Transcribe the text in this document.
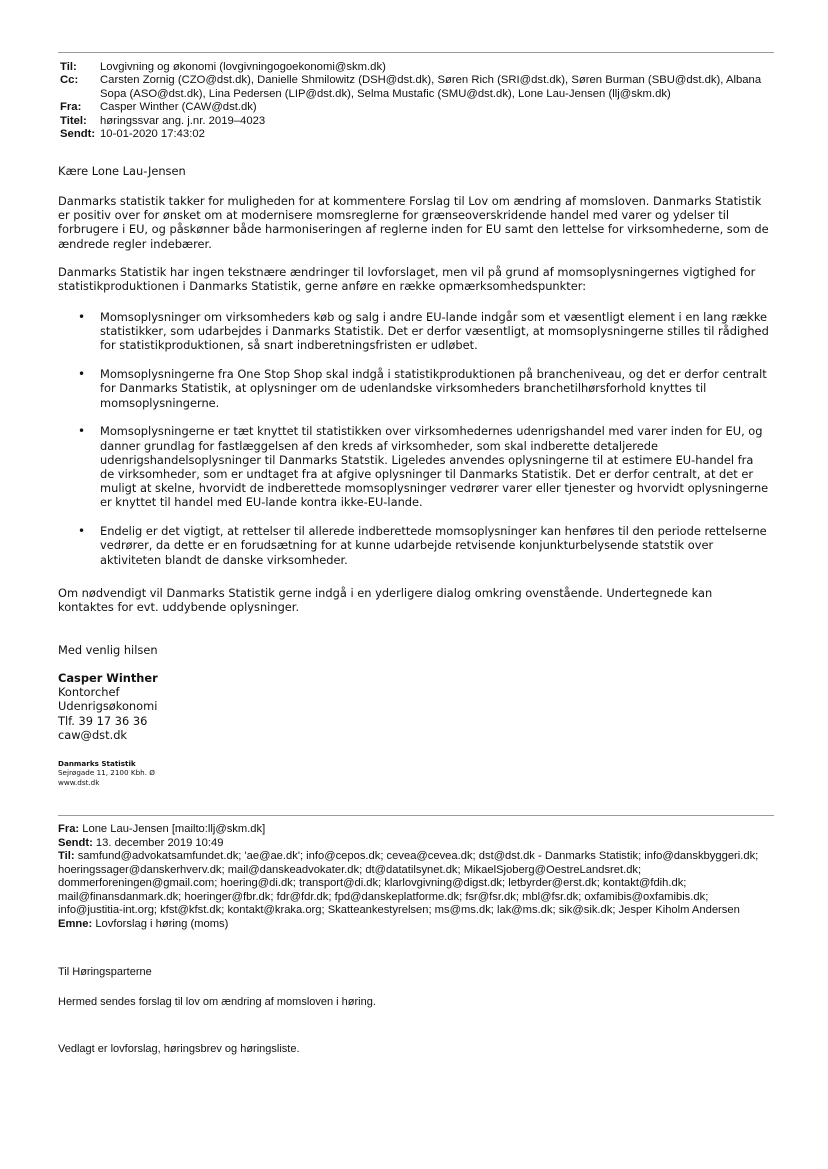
Til:	Lovgivning og økonomi (lovgivningogoekonomi@skm.dk)
Cc:	Carsten Zornig (CZO@dst.dk), Danielle Shmilowitz (DSH@dst.dk), Søren Rich (SRI@dst.dk), Søren Burman (SBU@dst.dk), Albana Sopa (ASO@dst.dk), Lina Pedersen (LIP@dst.dk), Selma Mustafic (SMU@dst.dk), Lone Lau-Jensen (llj@skm.dk)
Fra:	Casper Winther (CAW@dst.dk)
Titel:	høringssvar ang. j.nr. 2019–4023
Sendt: 10-01-2020 17:43:02
Kære Lone Lau-Jensen
Danmarks statistik takker for muligheden for at kommentere Forslag til Lov om ændring af momsloven. Danmarks Statistik er positiv over for ønsket om at modernisere momsreglerne for grænseoverskridende handel med varer og ydelser til forbrugere i EU, og påskønner både harmoniseringen af reglerne inden for EU samt den lettelse for virksomhederne, som de ændrede regler indebærer.
Danmarks Statistik har ingen tekstnære ændringer til lovforslaget, men vil på grund af momsoplysningernes vigtighed for statistikproduktionen i Danmarks Statistik, gerne anføre en række opmærksomhedspunkter:
•	Momsoplysninger om virksomheders køb og salg i andre EU-lande indgår som et væsentligt element i en lang række statistikker, som udarbejdes i Danmarks Statistik. Det er derfor væsentligt, at momsoplysningerne stilles til rådighed for statistikproduktionen, så snart indberetningsfristen er udløbet.
•	Momsoplysningerne fra One Stop Shop skal indgå i statistikproduktionen på brancheniveau, og det er derfor centralt for Danmarks Statistik, at oplysninger om de udenlandske virksomheders branchetilhørsforhold knyttes til momsoplysningerne.
•	Momsoplysningerne er tæt knyttet til statistikken over virksomhedernes udenrigshandel med varer inden for EU, og danner grundlag for fastlæggelsen af den kreds af virksomheder, som skal indberette detaljerede udenrigshandelsoplysninger til Danmarks Statstik. Ligeledes anvendes oplysningerne til at estimere EU-handel fra de virksomheder, som er undtaget fra at afgive oplysninger til Danmarks Statistik. Det er derfor centralt, at det er muligt at skelne, hvorvidt de indberettede momsoplysninger vedrører varer eller tjenester og hvorvidt oplysningerne er knyttet til handel med EU-lande kontra ikke-EU-lande.
•	Endelig er det vigtigt, at rettelser til allerede indberettede momsoplysninger kan henføres til den periode rettelserne vedrører, da dette er en forudsætning for at kunne udarbejde retvisende konjunkturbelysende statstik over aktiviteten blandt de danske virksomheder.
Om nødvendigt vil Danmarks Statistik gerne indgå i en yderligere dialog omkring ovenstående. Undertegnede kan kontaktes for evt. uddybende oplysninger.
Med venlig hilsen
Casper Winther
Kontorchef
Udenrigsøkonomi
Tlf. 39 17 36 36
caw@dst.dk
Danmarks Statistik
Sejrøgade 11, 2100 Kbh. Ø
www.dst.dk
Fra: Lone Lau-Jensen [mailto:llj@skm.dk]
Sendt: 13. december 2019 10:49
Til: samfund@advokatsamfundet.dk; 'ae@ae.dk'; info@cepos.dk; cevea@cevea.dk; dst@dst.dk - Danmarks Statistik; info@danskbyggeri.dk; hoeringssager@danskerhverv.dk; mail@danskeadvokater.dk; dt@datatilsynet.dk; MikaelSjoberg@OestreLandsret.dk; dommerforeningen@gmail.com; hoering@di.dk; transport@di.dk; klarlovgivning@digst.dk; letbyrder@erst.dk; kontakt@fdih.dk; mail@finansdanmark.dk; hoeringer@fbr.dk; fdr@fdr.dk; fpd@danskeplatforme.dk; fsr@fsr.dk; mbl@fsr.dk; oxfamibis@oxfamibis.dk; info@justitia-int.org; kfst@kfst.dk; kontakt@kraka.org; Skatteankestyrelsen; ms@ms.dk; lak@ms.dk; sik@sik.dk; Jesper Kiholm Andersen
Emne: Lovforslag i høring (moms)
Til Høringsparterne
Hermed sendes forslag til lov om ændring af momsloven i høring.
Vedlagt er lovforslag, høringsbrev og høringsliste.
